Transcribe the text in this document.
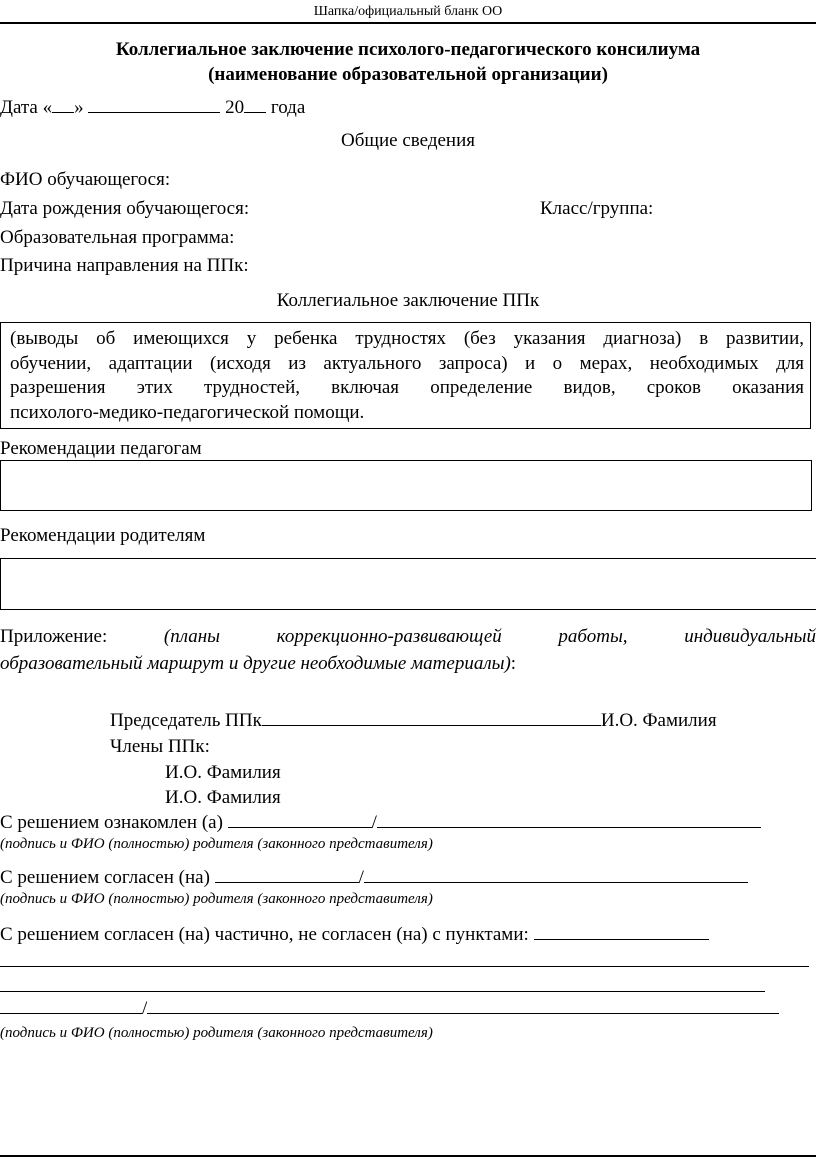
Шапка/официальный бланк ОО
Коллегиальное заключение психолого-педагогического консилиума
(наименование образовательной организации)
Дата « »	20 года
Общие сведения
ФИО обучающегося:
Дата рождения обучающегося:	Класс/группа:
Образовательная программа:
Причина направления на ППк:
Коллегиальное заключение ППк
(выводы об имеющихся у ребенка трудностях (без указания диагноза) в развитии,
обучении, адаптации (исходя из актуального запроса) и о мерах, необходимых для
разрешения этих трудностей, включая определение видов, сроков оказания
психолого-медико-педагогической помощи.
Рекомендации педагогам
Рекомендации родителям
Приложение:	(планы коррекционно-развивающей работы, индивидуальный
образовательный маршрут и другие необходимые материалы):
Председатель ППк	И.О. Фамилия
Члены ППк:
И.О. Фамилия
И.О. Фамилия
С решением ознакомлен (а)	/
(подпись и ФИО (полностью) родителя (законного представителя)
С решением согласен (на)	/
(подпись и ФИО (полностью) родителя (законного представителя)
С решением согласен (на) частично, не согласен (на) с пунктами:
/
(подпись и ФИО (полностью) родителя (законного представителя)
